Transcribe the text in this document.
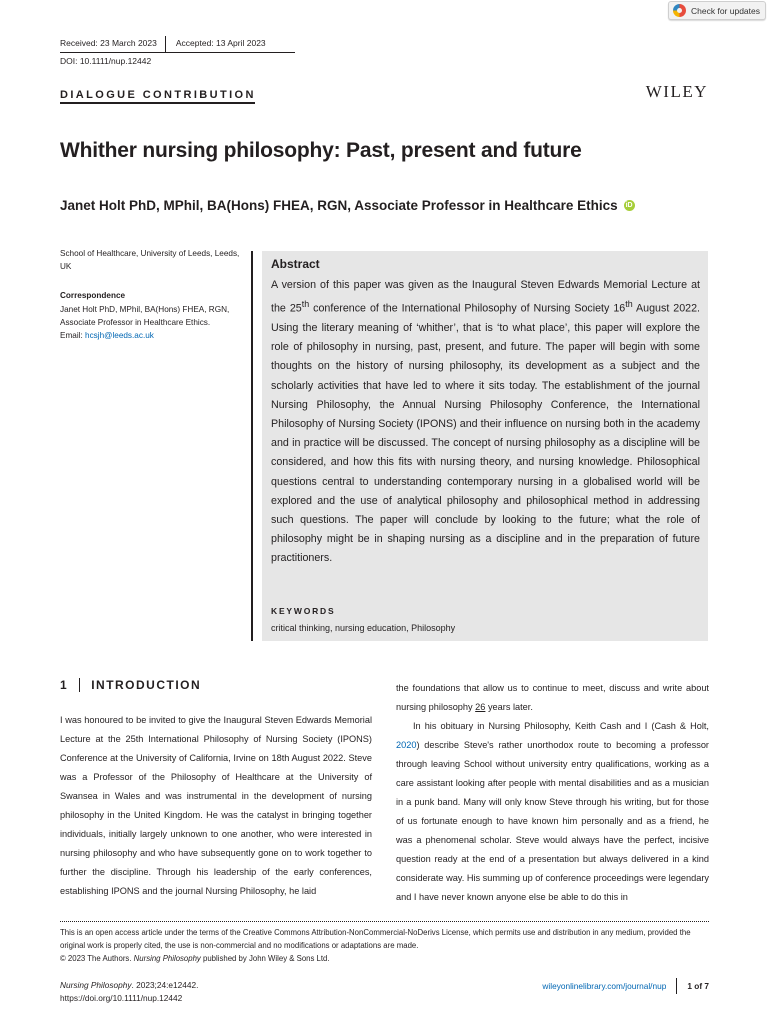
Check for updates
Received: 23 March 2023	Accepted: 13 April 2023
DOI: 10.1111/nup.12442
DIALOGUE CONTRIBUTION	WILEY
Whither nursing philosophy: Past, present and future
Janet Holt PhD, MPhil, BA(Hons) FHEA, RGN, Associate Professor in Healthcare Ethics iD
School of Healthcare, University of Leeds, Leeds, UK
Correspondence
Janet Holt PhD, MPhil, BA(Hons) FHEA, RGN, Associate Professor in Healthcare Ethics.
Email: hcsjh@leeds.ac.uk
Abstract

A version of this paper was given as the Inaugural Steven Edwards Memorial Lecture at the 25th conference of the International Philosophy of Nursing Society 16th August 2022. Using the literary meaning of ‘whither’, that is ‘to what place’, this paper will explore the role of philosophy in nursing, past, present, and future. The paper will begin with some thoughts on the history of nursing philosophy, its development as a subject and the scholarly activities that have led to where it sits today. The establishment of the journal Nursing Philosophy, the Annual Nursing Philosophy Conference, the International Philosophy of Nursing Society (IPONS) and their influence on nursing both in the academy and in practice will be discussed. The concept of nursing philosophy as a discipline will be considered, and how this fits with nursing theory, and nursing knowledge. Philosophical questions central to understanding contemporary nursing in a globalised world will be explored and the use of analytical philosophy and philosophical method in addressing such questions. The paper will conclude by looking to the future; what the role of philosophy might be in shaping nursing as a discipline and in the preparation of future practitioners.

KEYWORDS
critical thinking, nursing education, Philosophy
1 INTRODUCTION

I was honoured to be invited to give the Inaugural Steven Edwards Memorial Lecture at the 25th International Philosophy of Nursing Society (IPONS) Conference at the University of California, Irvine on 18th August 2022. Steve was a Professor of the Philosophy of Healthcare at the University of Swansea in Wales and was instrumental in the development of nursing philosophy in the United Kingdom. He was the catalyst in bringing together individuals, initially largely unknown to one another, who were interested in nursing philosophy and who have subsequently gone on to work together to further the discipline. Through his leadership of the early conferences, establishing IPONS and the journal Nursing Philosophy, he laid

the foundations that allow us to continue to meet, discuss and write about nursing philosophy 26 years later.

In his obituary in Nursing Philosophy, Keith Cash and I (Cash & Holt, 2020) describe Steve's rather unorthodox route to becoming a professor through leaving School without university entry qualifications, working as a care assistant looking after people with mental disabilities and as a musician in a punk band. Many will only know Steve through his writing, but for those of us fortunate enough to have known him personally and as a friend, he was a phenomenal scholar. Steve would always have the perfect, incisive question ready at the end of a presentation but always delivered in a kind considerate way. His summing up of conference proceedings were legendary and I have never known anyone else be able to do this in

This is an open access article under the terms of the Creative Commons Attribution-NonCommercial-NoDerivs License, which permits use and distribution in any medium, provided the original work is properly cited, the use is non-commercial and no modifications or adaptations are made.
© 2023 The Authors. Nursing Philosophy published by John Wiley & Sons Ltd.
Nursing Philosophy. 2023;24:e12442.
https://doi.org/10.1111/nup.12442
wileyonlinelibrary.com/journal/nup	1 of 7
